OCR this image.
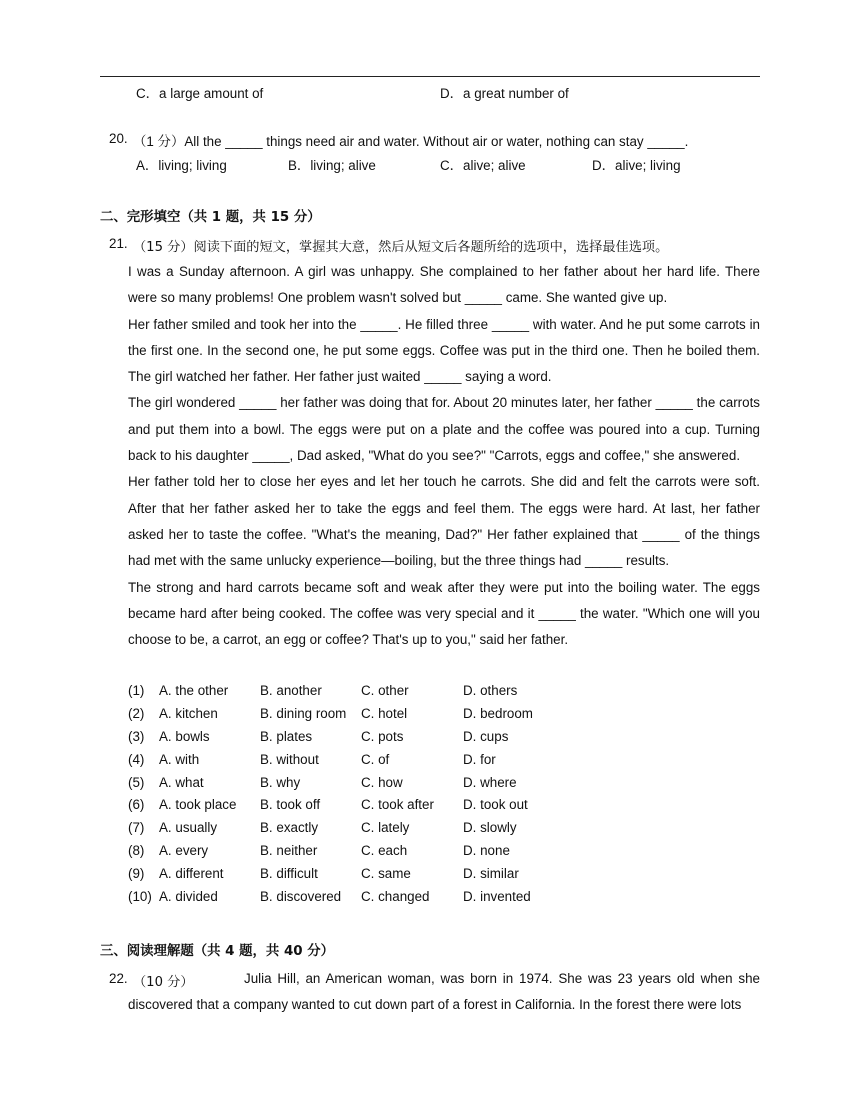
C．a large amount of	D．a great number of
20. （1 分）All the _____ things need air and water. Without air or water, nothing can stay _____.
A．living; living	B．living; alive	C．alive; alive	D．alive; living
二、完形填空（共 1 题，共 15 分）
21. （15 分）阅读下面的短文，掌握其大意，然后从短文后各题所给的选项中，选择最佳选项。

I was a Sunday afternoon. A girl was unhappy. She complained to her father about her hard life. There were so many problems! One problem wasn't solved but _____ came. She wanted give up.

Her father smiled and took her into the _____. He filled three _____ with water. And he put some carrots in the first one. In the second one, he put some eggs. Coffee was put in the third one. Then he boiled them. The girl watched her father. Her father just waited _____ saying a word.

The girl wondered _____ her father was doing that for. About 20 minutes later, her father _____ the carrots and put them into a bowl. The eggs were put on a plate and the coffee was poured into a cup. Turning back to his daughter _____, Dad asked, "What do you see?" "Carrots, eggs and coffee," she answered.

Her father told her to close her eyes and let her touch he carrots. She did and felt the carrots were soft. After that her father asked her to take the eggs and feel them. The eggs were hard. At last, her father asked her to taste the coffee. "What's the meaning, Dad?" Her father explained that _____ of the things had met with the same unlucky experience—boiling, but the three things had _____ results.

The strong and hard carrots became soft and weak after they were put into the boiling water. The eggs became hard after being cooked. The coffee was very special and it _____ the water. "Which one will you choose to be, a carrot, an egg or coffee? That's up to you," said her father.

(1) A. the other B. another	C. other	D. others
(2) A. kitchen	B. dining room C. hotel	D. bedroom
(3) A. bowls	B. plates	C. pots	D. cups
(4) A. with	B. without	C. of	D. for
(5) A. what	B. why	C. how	D. where
(6) A. took place B. took off	C. took after D. took out
(7) A. usually	B. exactly	C. lately	D. slowly
(8) A. every	B. neither	C. each	D. none
(9) A. different	B. difficult	C. same	D. similar
(10) A. divided	B. discovered C. changed	D. invented
三、阅读理解题（共 4 题，共 40 分）
22. （10 分）	Julia Hill, an American woman, was born in 1974. She was 23 years old when she discovered that a company wanted to cut down part of a forest in California. In the forest there were lots
